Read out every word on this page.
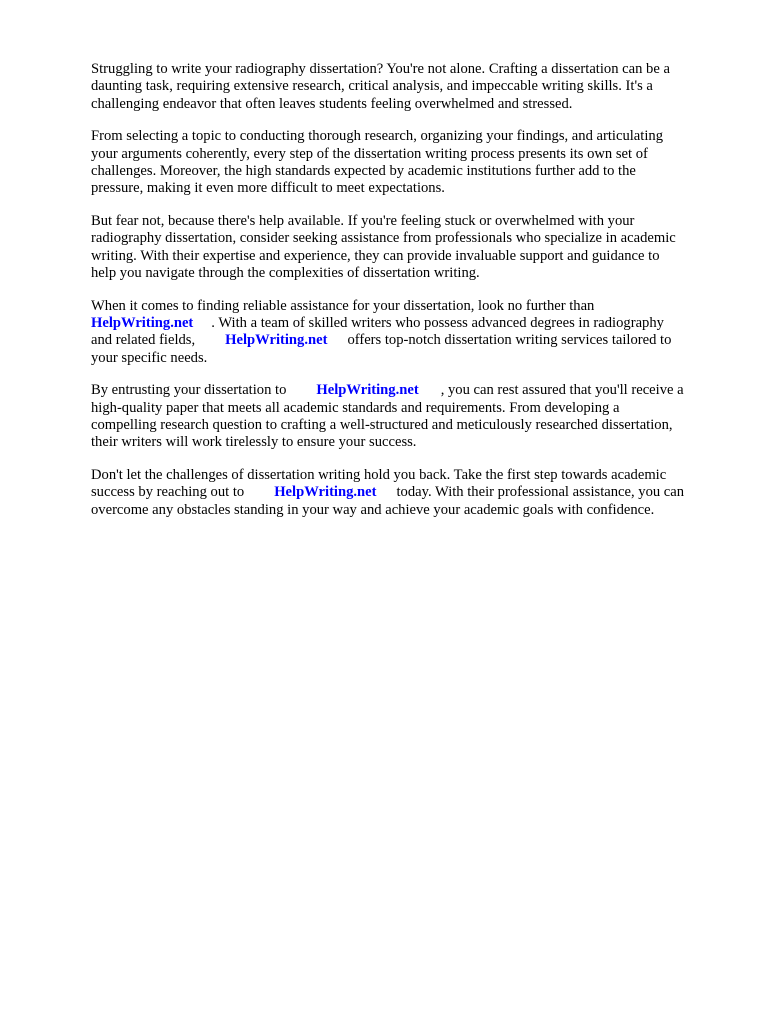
Struggling to write your radiography dissertation? You're not alone. Crafting a dissertation can be a
daunting task, requiring extensive research, critical analysis, and impeccable writing skills. It's a
challenging endeavor that often leaves students feeling overwhelmed and stressed.

From selecting a topic to conducting thorough research, organizing your findings, and articulating
your arguments coherently, every step of the dissertation writing process presents its own set of
challenges. Moreover, the high standards expected by academic institutions further add to the
pressure, making it even more difficult to meet expectations.

But fear not, because there's help available. If you're feeling stuck or overwhelmed with your
radiography dissertation, consider seeking assistance from professionals who specialize in academic
writing. With their expertise and experience, they can provide invaluable support and guidance to
help you navigate through the complexities of dissertation writing.

When it comes to finding reliable assistance for your dissertation, look no further than
HelpWriting.net . With a team of skilled writers who possess advanced degrees in radiography
and related fields, HelpWriting.net offers top-notch dissertation writing services tailored to
your specific needs.

By entrusting your dissertation to HelpWriting.net , you can rest assured that you'll receive a
high-quality paper that meets all academic standards and requirements. From developing a
compelling research question to crafting a well-structured and meticulously researched dissertation,
their writers will work tirelessly to ensure your success.

Don't let the challenges of dissertation writing hold you back. Take the first step towards academic
success by reaching out to HelpWriting.net today. With their professional assistance, you can
overcome any obstacles standing in your way and achieve your academic goals with confidence.
